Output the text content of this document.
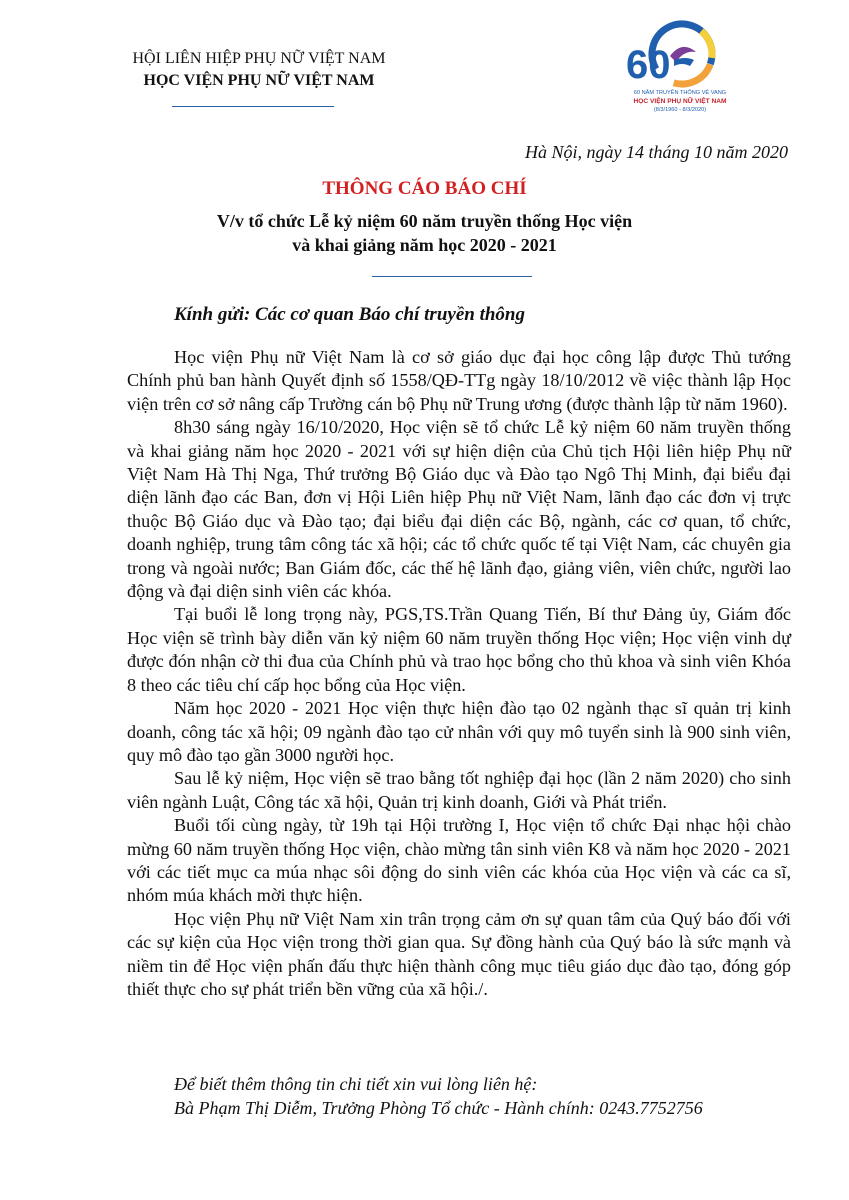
HỘI LIÊN HIỆP PHỤ NỮ VIỆT NAM
HỌC VIỆN PHỤ NỮ VIỆT NAM	60
60 NĂM TRUYỀN THỐNG VẺ VANG
HỌC VIỆN PHỤ NỮ VIỆT NAM
(8/3/1960 - 8/3/2020)
Hà Nội, ngày 14 tháng 10 năm 2020
THÔNG CÁO BÁO CHÍ
V/v tổ chức Lễ kỷ niệm 60 năm truyền thống Học viện
và khai giảng năm học 2020 - 2021
Kính gửi: Các cơ quan Báo chí truyền thông

Học viện Phụ nữ Việt Nam là cơ sở giáo dục đại học công lập được Thủ tướng Chính phủ ban hành Quyết định số 1558/QĐ-TTg ngày 18/10/2012 về việc thành lập Học viện trên cơ sở nâng cấp Trường cán bộ Phụ nữ Trung ương (được thành lập từ năm 1960).

8h30 sáng ngày 16/10/2020, Học viện sẽ tổ chức Lễ kỷ niệm 60 năm truyền thống và khai giảng năm học 2020 - 2021 với sự hiện diện của Chủ tịch Hội liên hiệp Phụ nữ Việt Nam Hà Thị Nga, Thứ trưởng Bộ Giáo dục và Đào tạo Ngô Thị Minh, đại biểu đại diện lãnh đạo các Ban, đơn vị Hội Liên hiệp Phụ nữ Việt Nam, lãnh đạo các đơn vị trực thuộc Bộ Giáo dục và Đào tạo; đại biểu đại diện các Bộ, ngành, các cơ quan, tổ chức, doanh nghiệp, trung tâm công tác xã hội; các tổ chức quốc tế tại Việt Nam, các chuyên gia trong và ngoài nước; Ban Giám đốc, các thế hệ lãnh đạo, giảng viên, viên chức, người lao động và đại diện sinh viên các khóa.

Tại buổi lễ long trọng này, PGS,TS.Trần Quang Tiến, Bí thư Đảng ủy, Giám đốc Học viện sẽ trình bày diễn văn kỷ niệm 60 năm truyền thống Học viện; Học viện vinh dự được đón nhận cờ thi đua của Chính phủ và trao học bổng cho thủ khoa và sinh viên Khóa 8 theo các tiêu chí cấp học bổng của Học viện.

Năm học 2020 - 2021 Học viện thực hiện đào tạo 02 ngành thạc sĩ quản trị kinh doanh, công tác xã hội; 09 ngành đào tạo cử nhân với quy mô tuyển sinh là 900 sinh viên, quy mô đào tạo gần 3000 người học.

Sau lễ kỷ niệm, Học viện sẽ trao bằng tốt nghiệp đại học (lần 2 năm 2020) cho sinh viên ngành Luật, Công tác xã hội, Quản trị kinh doanh, Giới và Phát triển.

Buổi tối cùng ngày, từ 19h tại Hội trường I, Học viện tổ chức Đại nhạc hội chào mừng 60 năm truyền thống Học viện, chào mừng tân sinh viên K8 và năm học 2020 - 2021 với các tiết mục ca múa nhạc sôi động do sinh viên các khóa của Học viện và các ca sĩ, nhóm múa khách mời thực hiện.

Học viện Phụ nữ Việt Nam xin trân trọng cảm ơn sự quan tâm của Quý báo đối với các sự kiện của Học viện trong thời gian qua. Sự đồng hành của Quý báo là sức mạnh và niềm tin để Học viện phấn đấu thực hiện thành công mục tiêu giáo dục đào tạo, đóng góp thiết thực cho sự phát triển bền vững của xã hội./.

Để biết thêm thông tin chi tiết xin vui lòng liên hệ:
Bà Phạm Thị Diễm, Trưởng Phòng Tổ chức - Hành chính: 0243.7752756
